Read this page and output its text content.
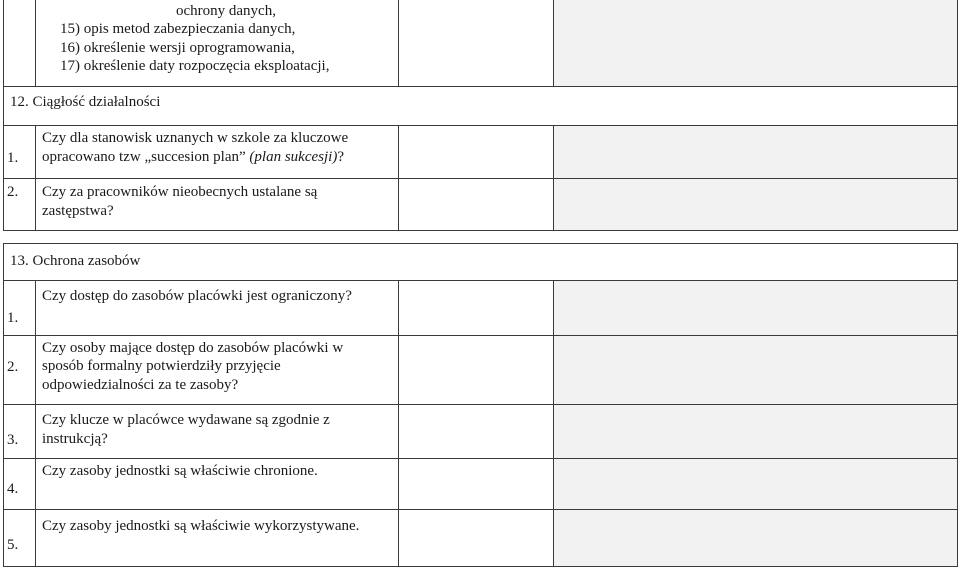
ochrony danych,
15) opis metod zabezpieczania danych,
16) określenie wersji oprogramowania,
17) określenie daty rozpoczęcia eksploatacji,
12. Ciągłość działalności
1.
Czy dla stanowisk uznanych w szkole za kluczowe
opracowano tzw „succesion plan” (plan sukcesji)?
2. Czy za pracowników nieobecnych ustalane są
zastępstwa?
13. Ochrona zasobów
1.
Czy dostęp do zasobów placówki jest ograniczony?
2.
Czy osoby mające dostęp do zasobów placówki w
sposób formalny potwierdziły przyjęcie
odpowiedzialności za te zasoby?
3.
Czy klucze w placówce wydawane są zgodnie z
instrukcją?
4.
Czy zasoby jednostki są właściwie chronione.
5.
Czy zasoby jednostki są właściwie wykorzystywane.
